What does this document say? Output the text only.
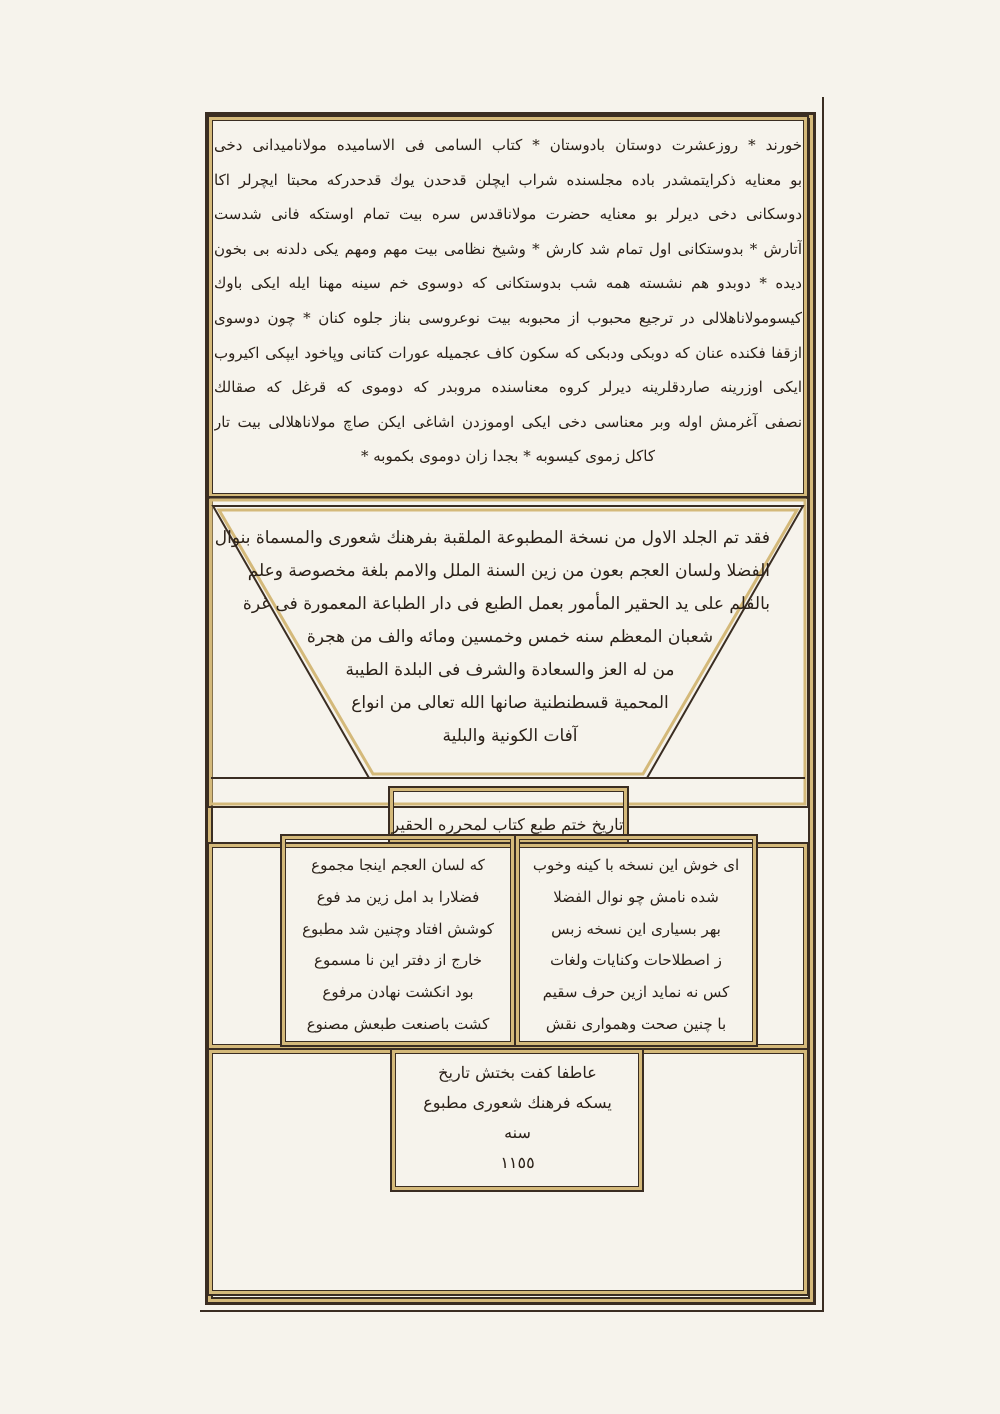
خورند * روزعشرت دوستان بادوستان * كتاب السامى فى الاسامیده مولانامیدانى دخى
بو معنایه ذكرایتمشدر باده مجلسنده شراب ایچلن قدحدن یوك قدحدرکه محبتا ایچرلر اكا
دوسكانى دخى دیرلر بو معنایه حضرت مولاناقدس سره بیت تمام اوستكه فانى شدست
آتارش * بدوستكانى اول تمام شد كارش * وشیخ نظامى بیت مهم ومهم یكى دلدنه بى بخون
دیده * دوبدو هم نشسته همه شب بدوستكانى كه دوسوى خم سینه مهنا ایله ایكى باوك
كیسومولاناهلالى در ترجیع محبوب از محبوبه بیت نوعروسى بناز جلوه كنان * چون دوسوى
ازقفا فكنده عنان كه دوبكى ودبكى كه سكون كاف عجمیله عورات كتانى وپاخود ایپكى اكیروب
ایكى اوزرینه صاردقلرینه دیرلر كروه معناسنده مروبدر كه دوموى كه قرغل كه صقالك
نصفى آغرمش اوله وبر معناسى دخى ایكى اوموزدن اشاغى ایكن صاچ مولاناهلالى بیت تار
كاكل زموى كیسوبه * بجدا زان دوموى بكموبه *
فقد تم الجلد الاول من نسخة المطبوعة الملقبة بفرهنك شعورى والمسماة بنوال
الفضلا ولسان العجم بعون من زين السنة الملل والامم بلغة مخصوصة وعلم
بالقلم على يد الحقير المأمور بعمل الطبع فى دار الطباعة المعمورة فى غرة
شعبان المعظم سنه خمس وخمسين ومائه والف من هجرة
من له العز والسعادة والشرف فى البلدة الطيبة
المحمية قسطنطنية صانها الله تعالى من انواع
آفات الكونية والبلية
تاريخ ختم طبع كتاب لمحرره الحقير
اى خوش اين نسخه با كينه وخوب
شده نامش چو نوال الفضلا
بهر بسيارى اين نسخه زبس
ز اصطلاحات وكنايات ولغات
كس نه نمايد ازين حرف سقيم
با چنين صحت وهموارى نقش
كه لسان العجم اينجا مجموع
فضلارا بد امل زين مد فوع
كوشش افتاد وچنين شد مطبوع
خارج از دفتر اين نا مسموع
بود انكشت نهادن مرفوع
كشت باصنعت طبعش مصنوع
عاطفا كفت بختش تاريخ
يسكه فرهنك شعورى مطبوع
سنه
١١٥٥
